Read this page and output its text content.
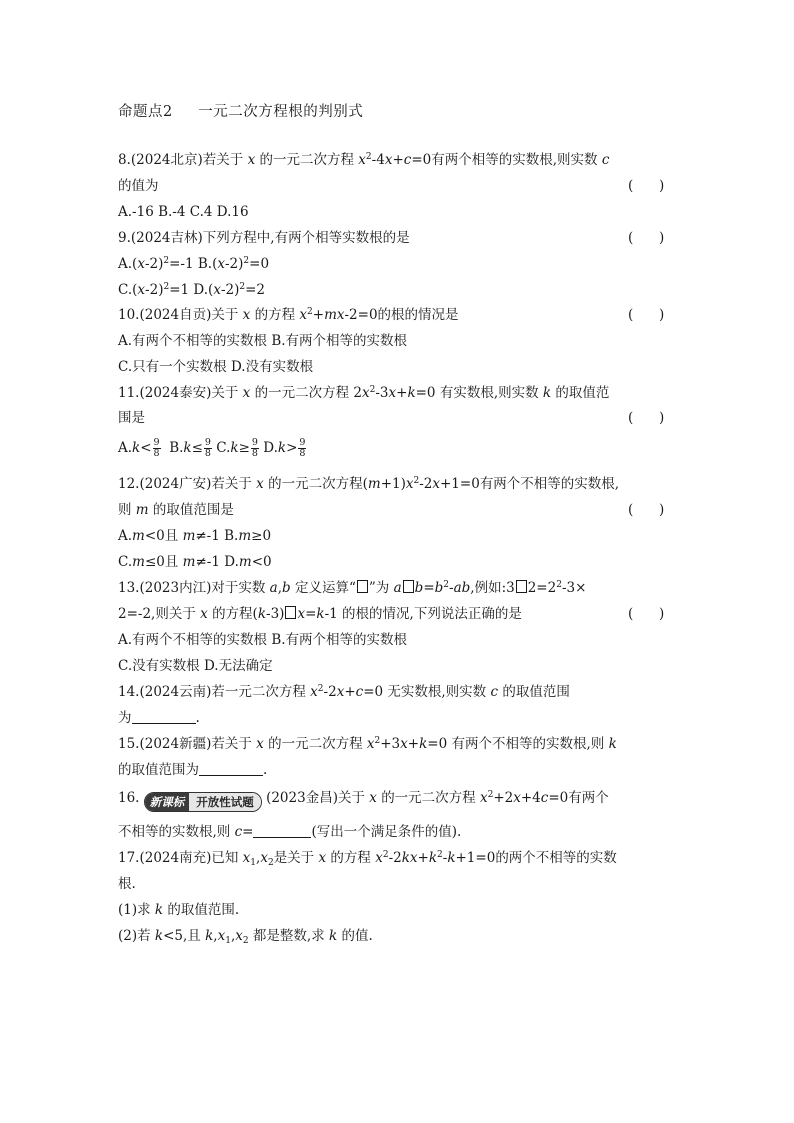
命题点2 一元二次方程根的判别式
8.(2024北京)若关于 x 的一元二次方程 $x^2-4x+c=0$有两个相等的实数根,则实数 c
的值为	(      )
A.-16 B.-4 C.4 D.16
9.(2024吉林)下列方程中,有两个相等实数根的是	(      )
$A.(x-2)^2=-1$ $B.(x-2)^2=0$
$C.(x-2)^2=1$ $D.(x-2)^2=2$
10.(2024自贡)关于 x 的方程 $x^2+mx-2=0$的根的情况是	(      )
A.有两个不相等的实数根 B.有两个相等的实数根
C.只有一个实数根 D.没有实数根
11.(2024泰安)关于 x 的一元二次方程 $2x^2-3x+k=0$ 有实数根,则实数 k 的取值范
围是	(      )
$A.k< \frac{9}{8} B.k\le \frac{9}{8} C.k\ge \frac{9}{8} D.k> \frac{9}{8}$
12.(2024广安)若关于 x 的一元二次方程$(m+1)x^2-2x+1=0$有两个不相等的实数根,
则 m 的取值范围是	(      )
A.m<0且 m≠-1 B.m≥0
C.m≤0且 m≠-1 D.m<0
13.(2023内江)对于实数 a,b 定义运算“ ”为 a $b=b^2-ab$,例如:3 $2=2^2-3\times$
2=-2,则关于 x 的方程(k-3) x=k-1 的根的情况,下列说法正确的是	(      )
A.有两个不相等的实数根 B.有两个相等的实数根
C.没有实数根 D.无法确定
14.(2024云南)若一元二次方程 $x^2-2x+c=0$ 无实数根,则实数 c 的取值范围
为	.
15.(2024新疆)若关于 x 的一元二次方程 $x^2+3x+k=0$ 有两个不相等的实数根,则 k
的取值范围为	.
16. 新课标	开放性试题 (2023金昌)关于 x 的一元二次方程 $x^2+2x+4c=0$有两个
不相等的实数根,则 c=	(写出一个满足条件的值).
17.(2024南充)已知 $x_1,x_2$是关于 x 的方程 $x^2-2kx+k^2-k+1=0$的两个不相等的实数
根.
(1)求 k 的取值范围.
(2)若 k<5,且 $k,x_1,x_2$ 都是整数,求 k 的值.
